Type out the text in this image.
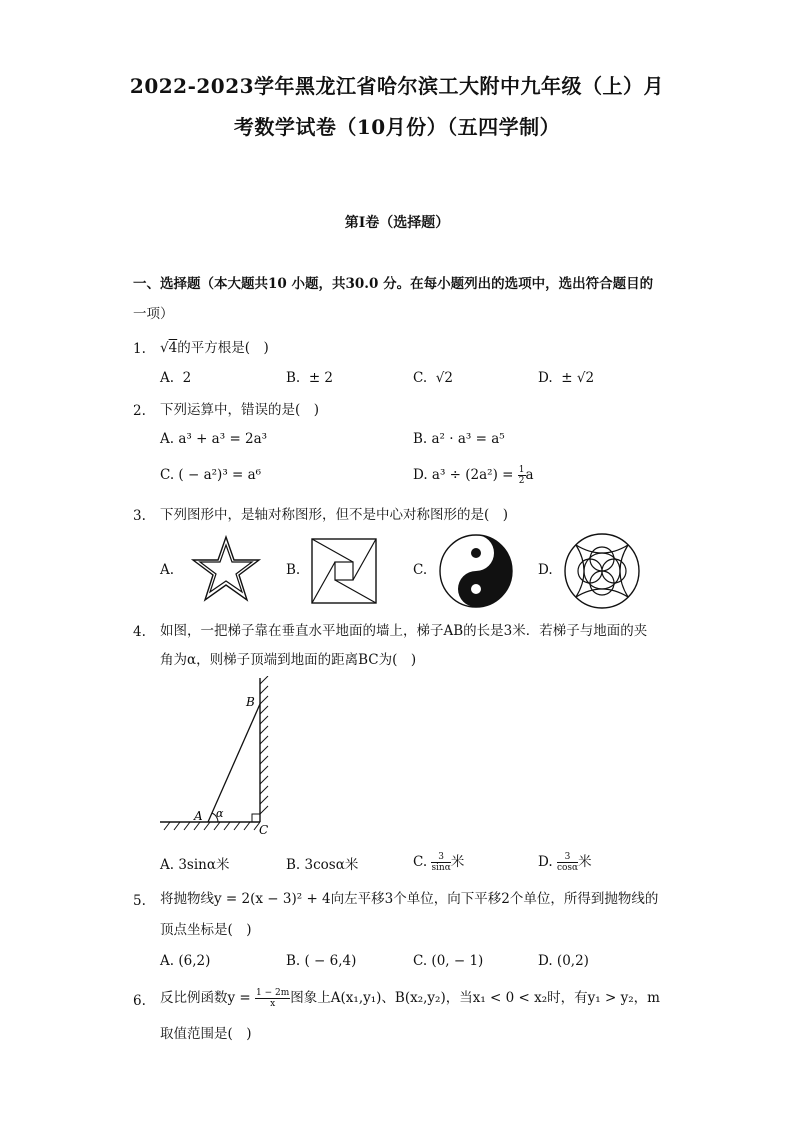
2022-2023学年黑龙江省哈尔滨工大附中九年级（上）月
考数学试卷（10月份）（五四学制）
第I卷（选择题）
一、选择题（本大题共10 小题，共30.0 分。在每小题列出的选项中，选出符合题目的
一项）
1. √4的平方根是(　)
A. 2	B. ± 2	C. √2	D. ± √2
2. 下列运算中，错误的是(　)
A. a³ + a³ = 2a³	B. a² · a³ = a⁵
C. ( − a²)³ = a⁶	D. $a^3 \div (2a^2) = \frac{1}{2}$ a
3. 下列图形中，是轴对称图形，但不是中心对称图形的是(　)
A.	B.	C.	D.
4. 如图，一把梯子靠在垂直水平地面的墙上，梯子AB的长是3米．若梯子与地面的夹
角为α，则梯子顶端到地面的距离BC为(　)
A
B
C
α
A. 3sinα米	B. 3cosα米	C. $\frac{3}{\sin\alpha}$ 米	D. $\frac{3}{\cos\alpha}$ 米
5. 将抛物线y = 2(x − 3)² + 4向左平移3个单位，向下平移2个单位，所得到抛物线的
顶点坐标是(　)
A. (6,2)	B. ( − 6,4)	C. (0, − 1)	D. (0,2)
6. 反比例函数$y = \frac{1 - 2m}{x}$ 图象上A(x₁,y₁)、B(x₂,y₂)，当x₁ < 0 < x₂时，有y₁ > y₂，m
取值范围是(　)
